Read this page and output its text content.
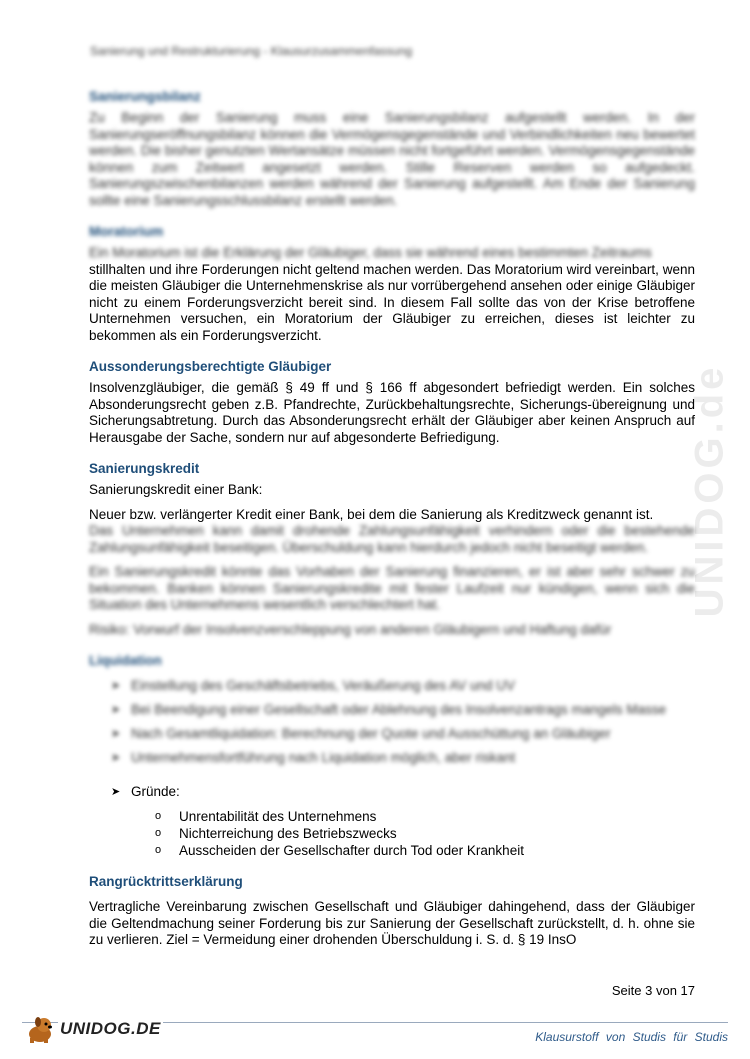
UNIDOG.de
Sanierung und Restrukturierung - Klausurzusammenfassung
Sanierungsbilanz

Zu Beginn der Sanierung muss eine Sanierungsbilanz aufgestellt werden. In der Sanierungseröffnungsbilanz können die Vermögensgegenstände und Verbindlichkeiten neu bewertet werden. Die bisher genutzten Wertansätze müssen nicht fortgeführt werden. Vermögensgegenstände können zum Zeitwert angesetzt werden. Stille Reserven werden so aufgedeckt. Sanierungszwischenbilanzen werden während der Sanierung aufgestellt. Am Ende der Sanierung sollte eine Sanierungsschlussbilanz erstellt werden.

Moratorium

Ein Moratorium ist die Erklärung der Gläubiger, dass sie während eines bestimmten Zeitraums

stillhalten und ihre Forderungen nicht geltend machen werden. Das Moratorium wird vereinbart, wenn die meisten Gläubiger die Unternehmenskrise als nur vorrübergehend ansehen oder einige Gläubiger nicht zu einem Forderungsverzicht bereit sind. In diesem Fall sollte das von der Krise betroffene Unternehmen versuchen, ein Moratorium der Gläubiger zu erreichen, dieses ist leichter zu bekommen als ein Forderungsverzicht.

Aussonderungsberechtigte Gläubiger

Insolvenzgläubiger, die gemäß § 49 ff und § 166 ff abgesondert befriedigt werden. Ein solches Absonderungsrecht geben z.B. Pfandrechte, Zurückbehaltungsrechte, Sicherungs-übereignung und Sicherungsabtretung. Durch das Absonderungsrecht erhält der Gläubiger aber keinen Anspruch auf Herausgabe der Sache, sondern nur auf abgesonderte Befriedigung.

Sanierungskredit

Sanierungskredit einer Bank:

Neuer bzw. verlängerter Kredit einer Bank, bei dem die Sanierung als Kreditzweck genannt ist.

Das Unternehmen kann damit drohende Zahlungsunfähigkeit verhindern oder die bestehende Zahlungsunfähigkeit beseitigen. Überschuldung kann hierdurch jedoch nicht beseitigt werden.

Ein Sanierungskredit könnte das Vorhaben der Sanierung finanzieren, er ist aber sehr schwer zu bekommen. Banken können Sanierungskredite mit fester Laufzeit nur kündigen, wenn sich die Situation des Unternehmens wesentlich verschlechtert hat.

Risiko: Vorwurf der Insolvenzverschleppung von anderen Gläubigern und Haftung dafür

Liquidation
➤ Einstellung des Geschäftsbetriebs, Veräußerung des AV und UV
➤ Bei Beendigung einer Gesellschaft oder Ablehnung des Insolvenzantrags mangels Masse
➤ Nach Gesamtliquidation: Berechnung der Quote und Ausschüttung an Gläubiger
➤ Unternehmensfortführung nach Liquidation möglich, aber riskant
➤ Gründe:
o Unrentabilität des Unternehmens
o Nichterreichung des Betriebszwecks
o Ausscheiden der Gesellschafter durch Tod oder Krankheit
Rangrücktrittserklärung

Vertragliche Vereinbarung zwischen Gesellschaft und Gläubiger dahingehend, dass der Gläubiger die Geltendmachung seiner Forderung bis zur Sanierung der Gesellschaft zurückstellt, d. h. ohne sie zu verlieren. Ziel = Vermeidung einer drohenden Überschuldung i. S. d. § 19 InsO

Seite 3 von 17
UNIDOG.DE	Klausurstoff von Studis für Studis
